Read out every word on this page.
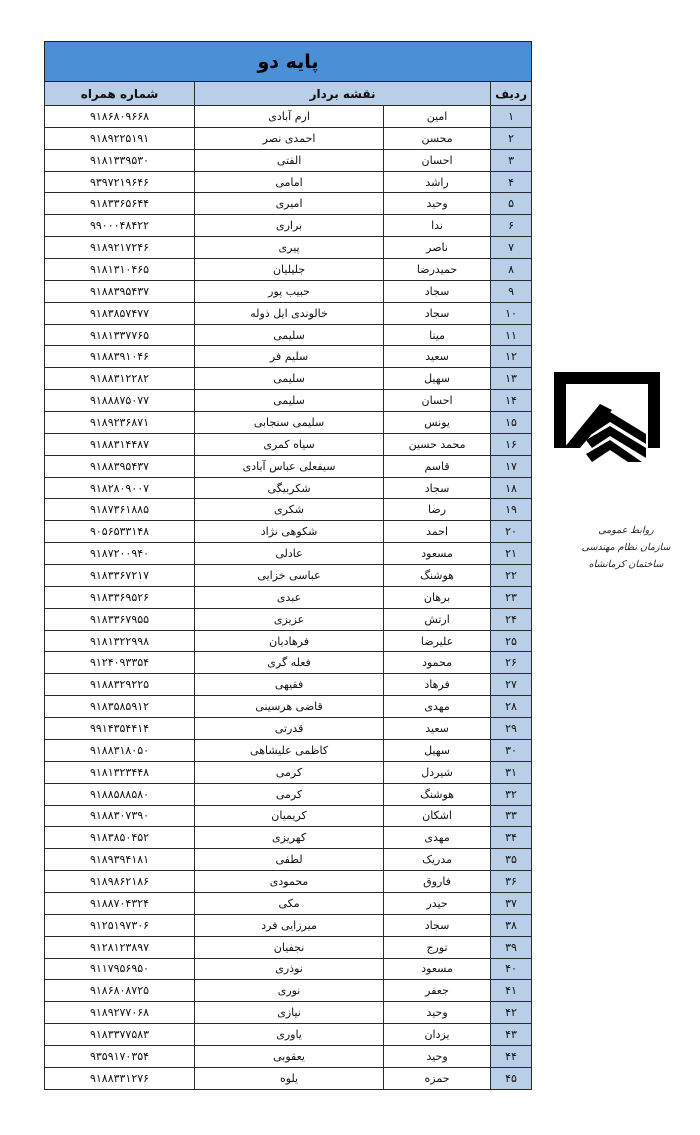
پایه دو			
ردیف	نقشه بردار		شماره همراه
۱	امین	ارم آبادی	۹۱۸۶۸۰۹۶۶۸
۲	محسن	احمدی نصر	۹۱۸۹۲۲۵۱۹۱
۳	احسان	الفتی	۹۱۸۱۳۳۹۵۳۰
۴	راشد	امامی	۹۳۹۷۲۱۹۶۴۶
۵	وحید	امیری	۹۱۸۳۳۶۵۶۴۴
۶	ندا	براری	۹۹۰۰۰۴۸۴۲۲
۷	ناصر	پیری	۹۱۸۹۲۱۷۲۴۶
۸	حمیدرضا	جلیلیان	۹۱۸۱۳۱۰۴۶۵
۹	سجاد	حبیب پور	۹۱۸۸۳۹۵۴۳۷
۱۰	سجاد	خالوندی ایل ذوله	۹۱۸۳۸۵۷۴۷۷
۱۱	مینا	سلیمی	۹۱۸۱۳۳۷۷۶۵
۱۲	سعید	سلیم فر	۹۱۸۸۳۹۱۰۴۶
۱۳	سهیل	سلیمی	۹۱۸۸۳۱۲۲۸۲
۱۴	احسان	سلیمی	۹۱۸۸۸۷۵۰۷۷
۱۵	یونس	سلیمی سنجابی	۹۱۸۹۲۳۶۸۷۱
۱۶	محمد حسین	سیاه کمری	۹۱۸۸۳۱۴۴۸۷
۱۷	قاسم	سیفعلی عباس آبادی	۹۱۸۸۳۹۵۴۳۷
۱۸	سجاد	شکربیگی	۹۱۸۲۸۰۹۰۰۷
۱۹	رضا	شکری	۹۱۸۷۳۶۱۸۸۵
۲۰	احمد	شکوهی نژاد	۹۰۵۶۵۳۳۱۴۸
۲۱	مسعود	عادلی	۹۱۸۷۲۰۰۹۴۰
۲۲	هوشنگ	عباسی خزایی	۹۱۸۳۳۶۷۲۱۷
۲۳	برهان	عبدی	۹۱۸۳۳۶۹۵۲۶
۲۴	ارتش	عزیزی	۹۱۸۳۳۶۷۹۵۵
۲۵	علیرضا	فرهادیان	۹۱۸۱۳۲۲۹۹۸
۲۶	محمود	فعله گری	۹۱۲۴۰۹۳۳۵۴
۲۷	فرهاد	فقیهی	۹۱۸۸۳۲۹۲۲۵
۲۸	مهدی	قاضی هرسینی	۹۱۸۳۵۸۵۹۱۲
۲۹	سعید	قدرتی	۹۹۱۴۳۵۴۴۱۴
۳۰	سهیل	کاظمی علیشاهی	۹۱۸۸۳۱۸۰۵۰
۳۱	شیردل	کرمی	۹۱۸۱۳۲۳۴۴۸
۳۲	هوشنگ	کرمی	۹۱۸۸۵۸۸۵۸۰
۳۳	اشکان	کریمیان	۹۱۸۸۳۰۷۳۹۰
۳۴	مهدی	کهریزی	۹۱۸۳۸۵۰۴۵۲
۳۵	مدریک	لطفی	۹۱۸۹۳۹۴۱۸۱
۳۶	فاروق	محمودی	۹۱۸۹۸۶۲۱۸۶
۳۷	حیدر	مکی	۹۱۸۸۷۰۴۳۲۴
۳۸	سجاد	میرزایی فرد	۹۱۲۵۱۹۷۳۰۶
۳۹	تورج	نجفیان	۹۱۲۸۱۲۳۸۹۷
۴۰	مسعود	نوذری	۹۱۱۷۹۵۶۹۵۰
۴۱	جعفر	نوری	۹۱۸۶۸۰۸۷۲۵
۴۲	وحید	نیازی	۹۱۸۹۲۷۷۰۶۸
۴۳	یزدان	یاوری	۹۱۸۳۳۷۷۵۸۳
۴۴	وحید	یعقوبی	۹۳۵۹۱۷۰۳۵۴
۴۵	حمزه	یلوه	۹۱۸۸۳۳۱۲۷۶
روابط عمومی
سازمان نظام مهندسی
ساختمان کرمانشاه
